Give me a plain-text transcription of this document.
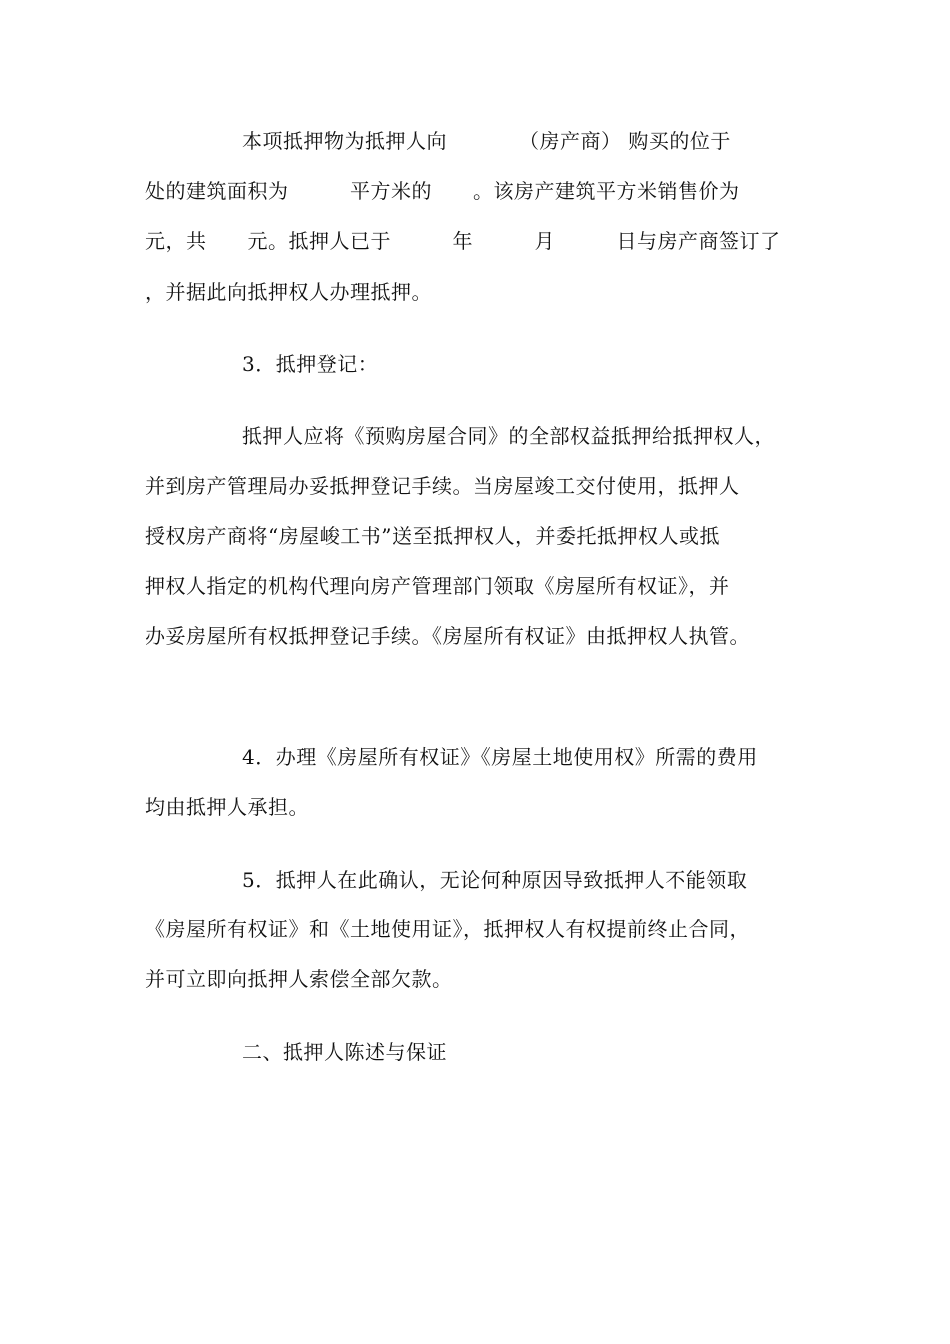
本项抵押物为抵押人向　　　　（房产商） 购买的位于
处的建筑面积为　　　平方米的　　。该房产建筑平方米销售价为
元，共　　元。抵押人已于　　　年　　　月　　　日与房产商签订了
，并据此向抵押权人办理抵押。
3．抵押登记：
抵押人应将《预购房屋合同》的全部权益抵押给抵押权人，
并到房产管理局办妥抵押登记手续。当房屋竣工交付使用，抵押人
授权房产商将“房屋峻工书”送至抵押权人，并委托抵押权人或抵
押权人指定的机构代理向房产管理部门领取《房屋所有权证》，并
办妥房屋所有权抵押登记手续。《房屋所有权证》由抵押权人执管。
4．办理《房屋所有权证》《房屋土地使用权》所需的费用
均由抵押人承担。
5．抵押人在此确认，无论何种原因导致抵押人不能领取
《房屋所有权证》和《土地使用证》，抵押权人有权提前终止合同，
并可立即向抵押人索偿全部欠款。
二、抵押人陈述与保证
